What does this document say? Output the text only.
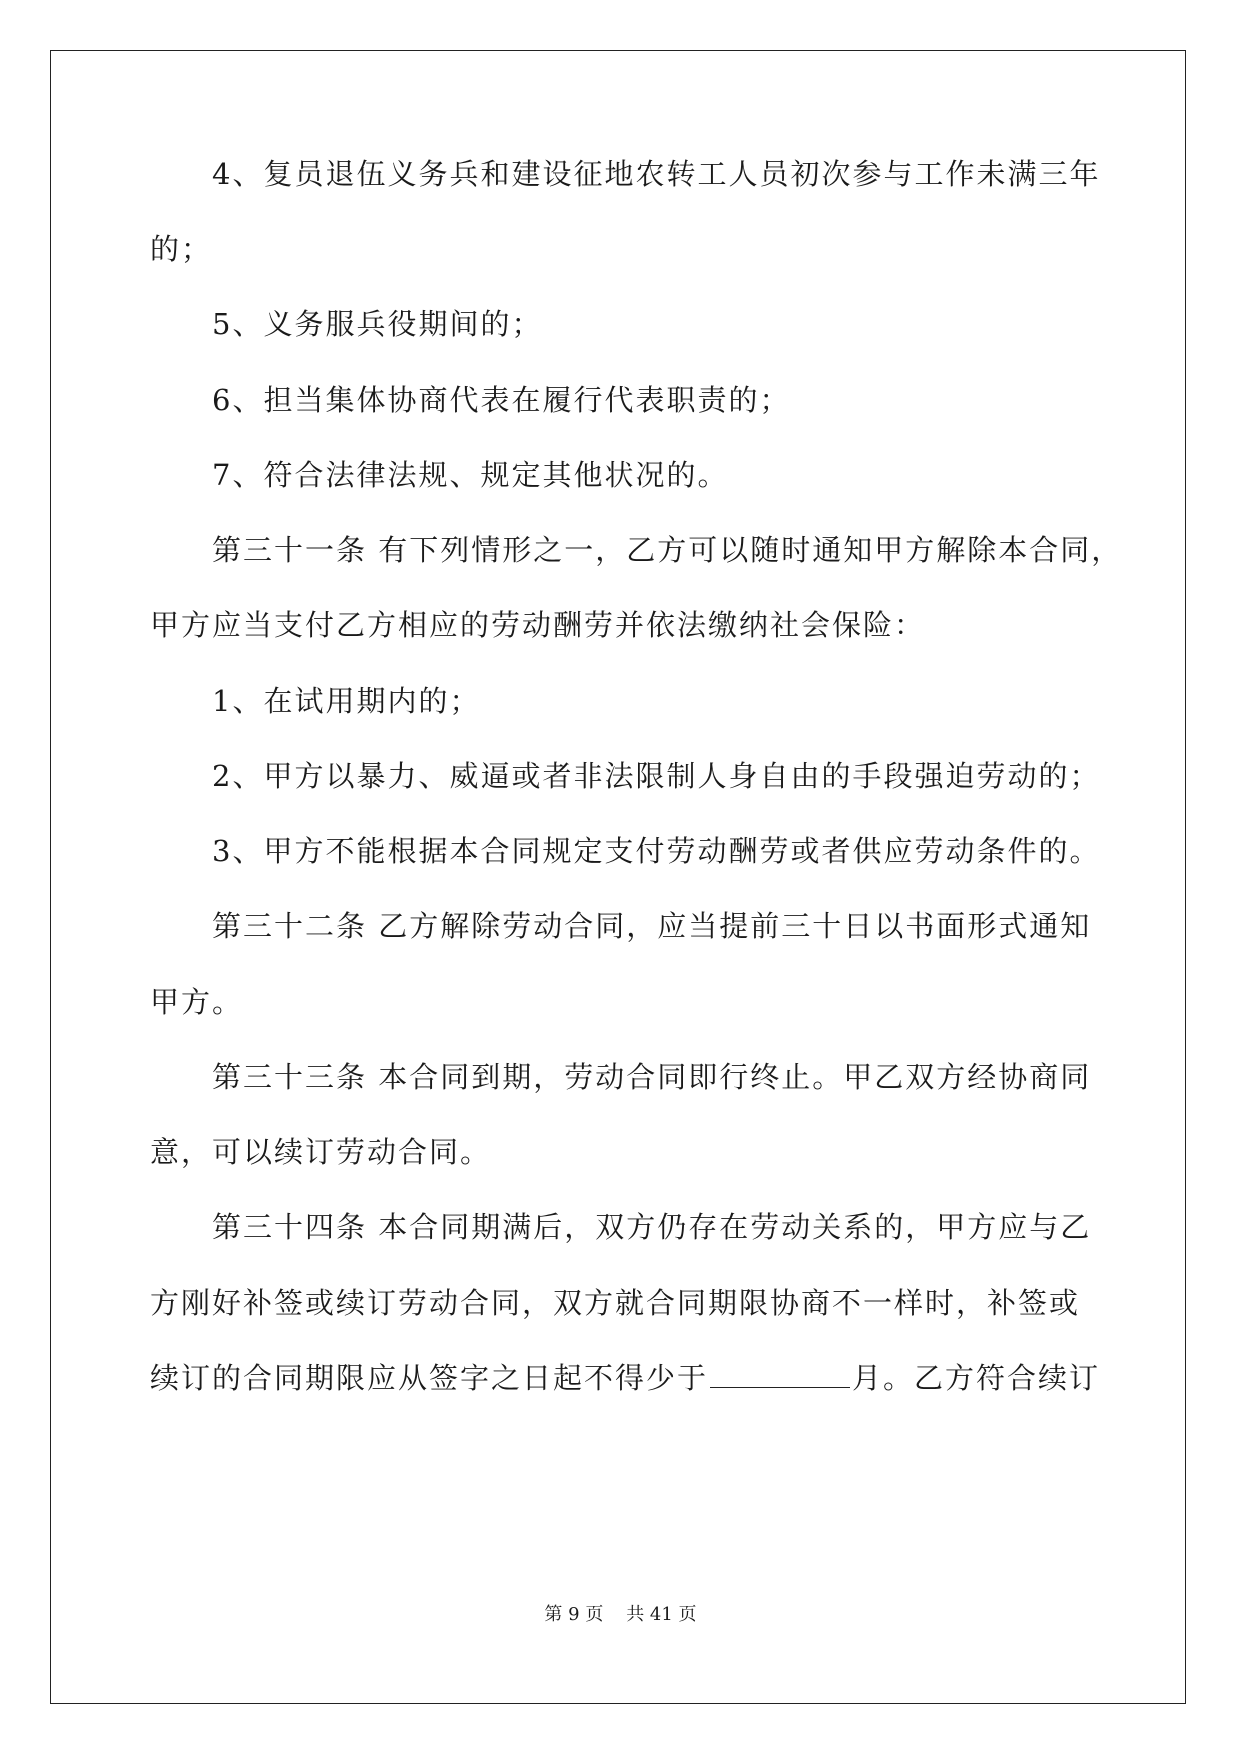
　　4、复员退伍义务兵和建设征地农转工人员初次参与工作未满三年
的；
　　5、义务服兵役期间的；
　　6、担当集体协商代表在履行代表职责的；
　　7、符合法律法规、规定其他状况的。
　　第三十一条 有下列情形之一，乙方可以随时通知甲方解除本合同，
甲方应当支付乙方相应的劳动酬劳并依法缴纳社会保险：
　　1、在试用期内的；
　　2、甲方以暴力、威逼或者非法限制人身自由的手段强迫劳动的；
　　3、甲方不能根据本合同规定支付劳动酬劳或者供应劳动条件的。
　　第三十二条 乙方解除劳动合同，应当提前三十日以书面形式通知
甲方。
　　第三十三条 本合同到期，劳动合同即行终止。甲乙双方经协商同
意，可以续订劳动合同。
　　第三十四条 本合同期满后，双方仍存在劳动关系的，甲方应与乙
方刚好补签或续订劳动合同，双方就合同期限协商不一样时，补签或
续订的合同期限应从签字之日起不得少于	月。乙方符合续订
第 9 页    共 41 页
